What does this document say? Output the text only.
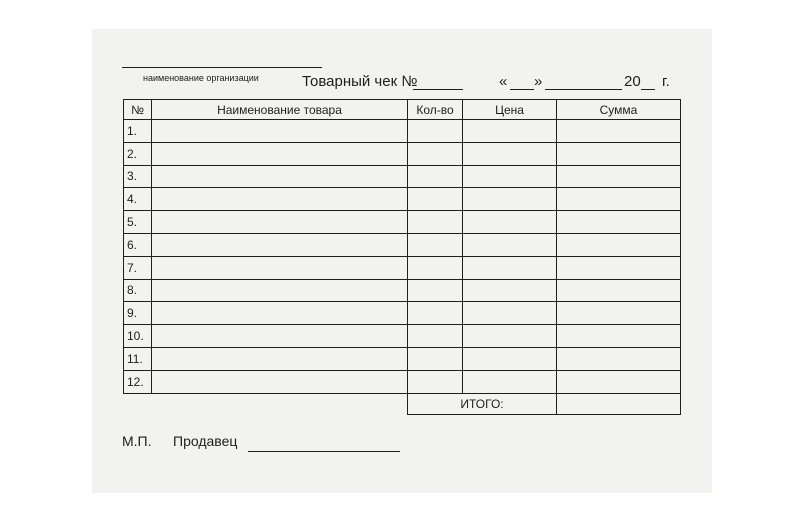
наименование организации	Товарный чек №	« »	20 г.
№	Наименование товара	Кол-во	Цена	Сумма
1.				
2.				
3.				
4.				
5.				
6.				
7.				
8.				
9.				
10.				
11.				
12.				
		ИТОГО:		
М.П. Продавец
